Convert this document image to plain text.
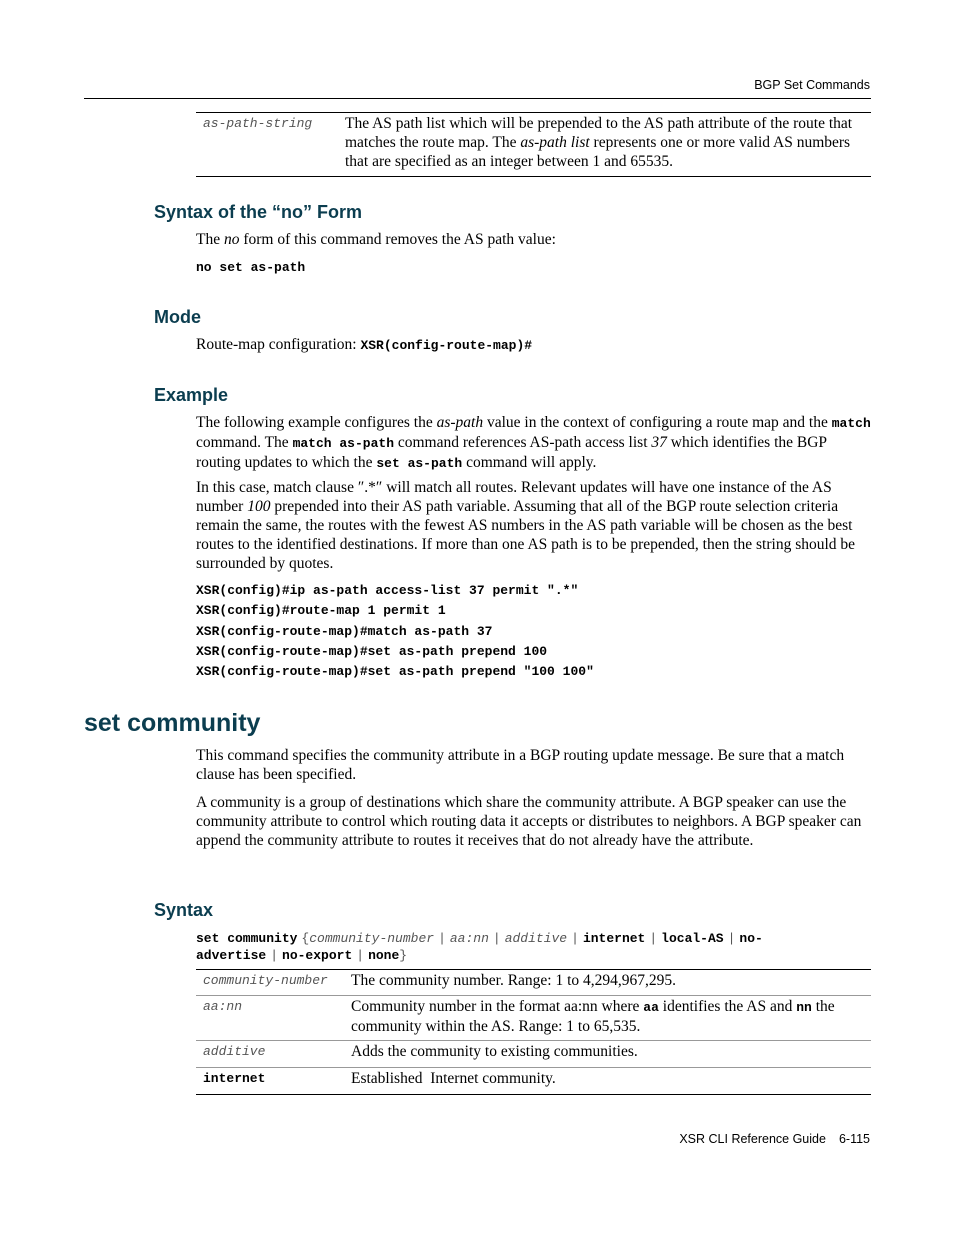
BGP Set Commands
as-path-string The AS path list which will be prepended to the AS path attribute of the route that matches the route map. The as-path list represents one or more valid AS numbers that are specified as an integer between 1 and 65535.
Syntax of the “no” Form
The no form of this command removes the AS path value:
no set as-path
Mode
Route-map configuration: XSR(config-route-map)#
Example
The following example configures the as-path value in the context of configuring a route map and the match command. The match as-path command references AS-path access list 37 which identifies the BGP routing updates to which the set as-path command will apply.
In this case, match clause ″.*″ will match all routes. Relevant updates will have one instance of the AS number 100 prepended into their AS path variable. Assuming that all of the BGP route selection criteria remain the same, the routes with the fewest AS numbers in the AS path variable will be chosen as the best routes to the identified destinations. If more than one AS path is to be prepended, then the string should be surrounded by quotes.
XSR(config)#ip as-path access-list 37 permit ".*"
XSR(config)#route-map 1 permit 1
XSR(config-route-map)#match as-path 37
XSR(config-route-map)#set as-path prepend 100
XSR(config-route-map)#set as-path prepend "100 100"
set community
This command specifies the community attribute in a BGP routing update message. Be sure that a match clause has been specified.
A community is a group of destinations which share the community attribute. A BGP speaker can use the community attribute to control which routing data it accepts or distributes to neighbors. A BGP speaker can append the community attribute to routes it receives that do not already have the attribute.
Syntax
set community {community-number | aa:nn | additive | internet | local-AS | no-
advertise | no-export | none}
community-number The community number. Range: 1 to 4,294,967,295.
aa:nn	Community number in the format aa:nn where aa identifies the AS and nn the community within the AS. Range: 1 to 65,535.
additive	Adds the community to existing communities.
internet	Established  Internet community.
XSR CLI Reference Guide 6-115
